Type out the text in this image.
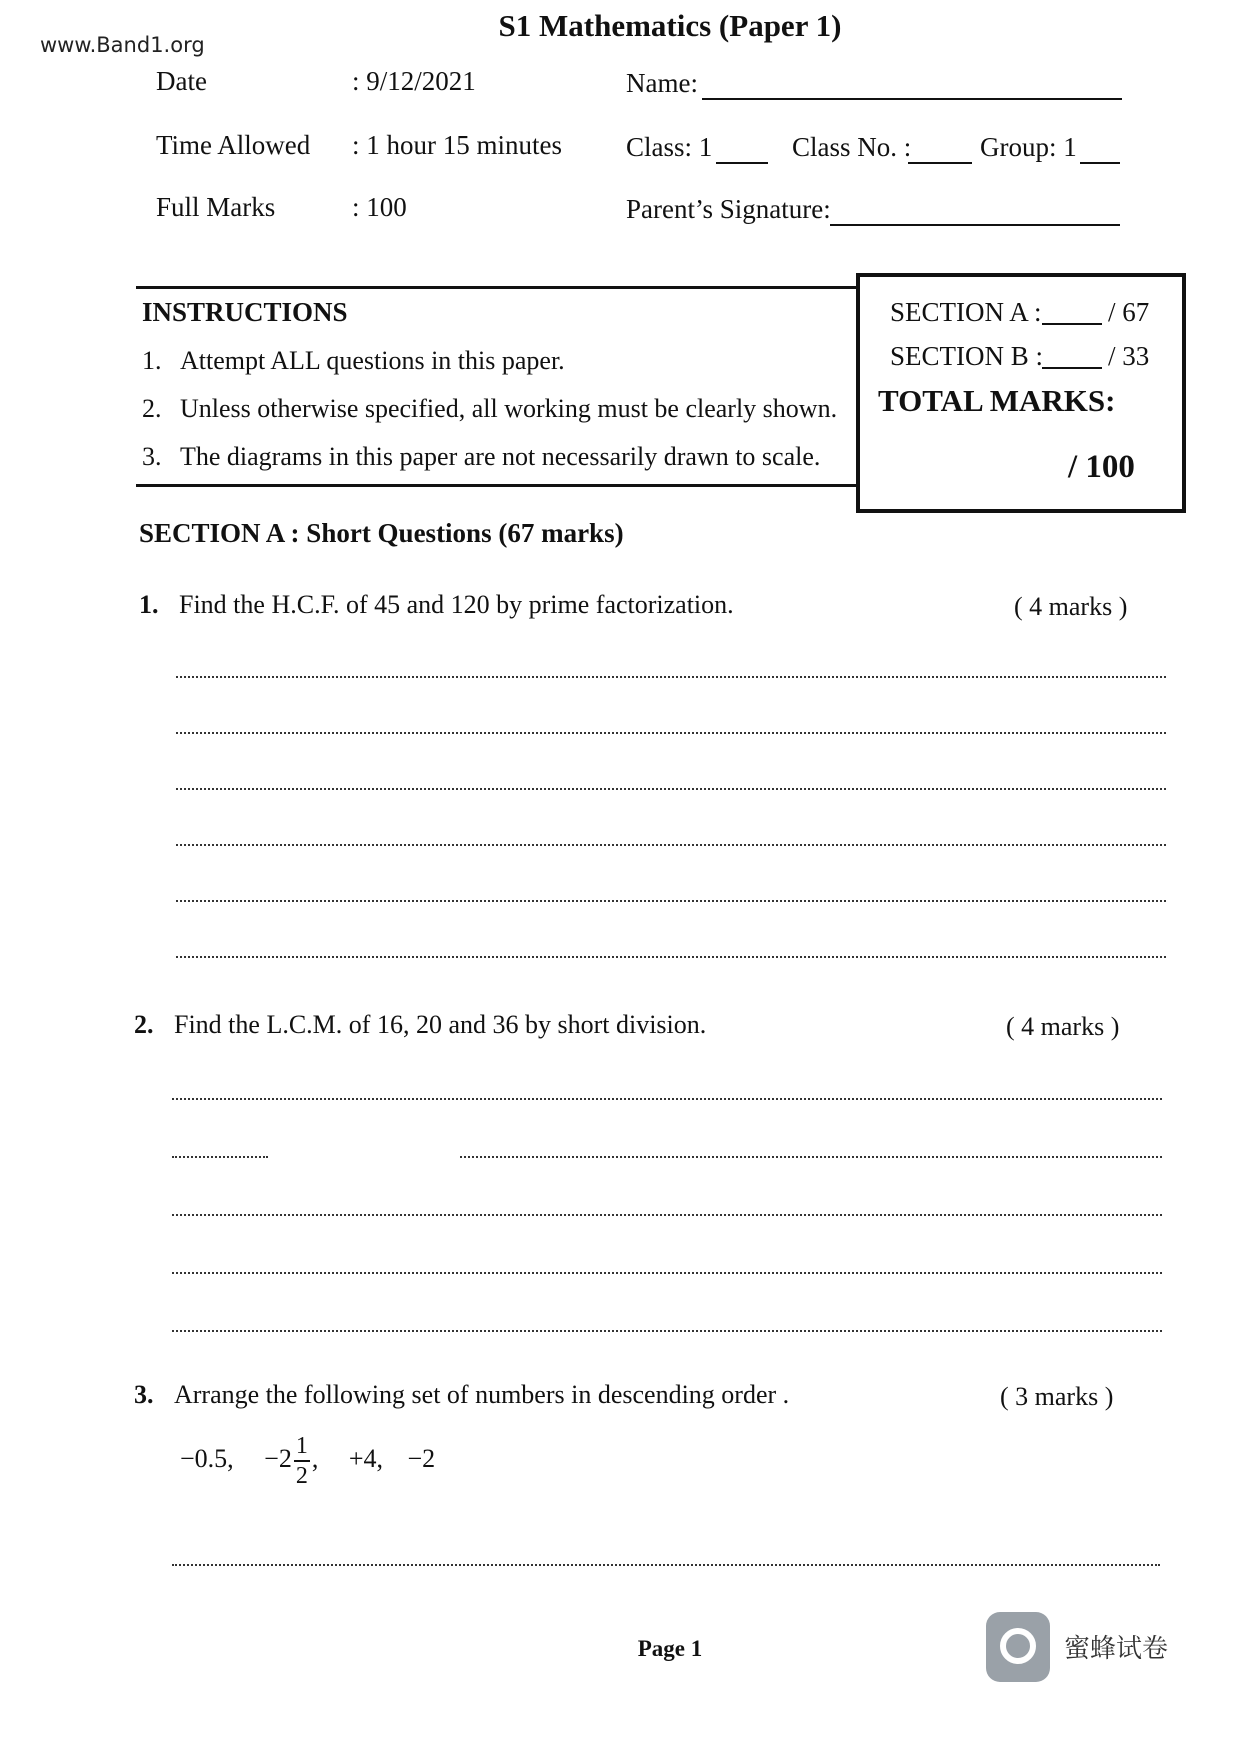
www.Band1.org
S1 Mathematics (Paper 1)
Date	: 9/12/2021
Time Allowed : 1 hour 15 minutes
Full Marks	: 100
Name:
Class: 1	Class No. :	Group: 1
Parent’s Signature:
INSTRUCTIONS
1. Attempt ALL questions in this paper.
2. Unless otherwise specified, all working must be clearly shown.
3. The diagrams in this paper are not necessarily drawn to scale.
SECTION A : / 67
SECTION B : / 33
TOTAL MARKS:
/ 100
SECTION A : Short Questions (67 marks)
1. Find the H.C.F. of 45 and 120 by prime factorization.	( 4 marks )
2. Find the L.C.M. of 16, 20 and 36 by short division.	( 4 marks )
3. Arrange the following set of numbers in descending order .	( 3 marks )
−0.5, $-2 \frac{1}{2}$ , +4, −2
Page 1	蜜蜂试卷
